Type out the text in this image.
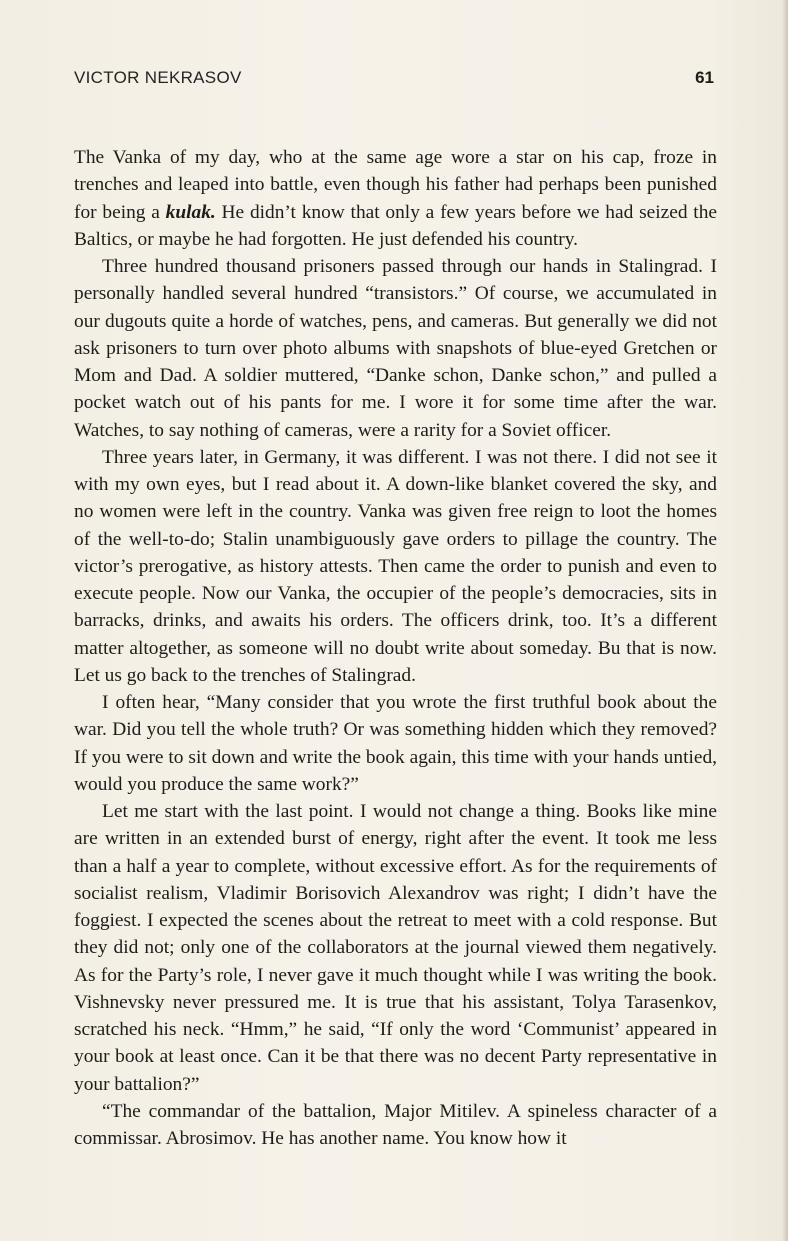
VICTOR NEKRASOV	61

The Vanka of my day, who at the same age wore a star on his cap, froze in trenches and leaped into battle, even though his father had perhaps been punished for being a kulak. He didn’t know that only a few years before we had seized the Baltics, or maybe he had forgotten. He just defended his country.

Three hundred thousand prisoners passed through our hands in Stalingrad. I personally handled several hundred “transistors.” Of course, we accumulated in our dugouts quite a horde of watches, pens, and cameras. But generally we did not ask prisoners to turn over photo albums with snapshots of blue-eyed Gretchen or Mom and Dad. A soldier muttered, “Danke schon, Danke schon,” and pulled a pocket watch out of his pants for me. I wore it for some time after the war. Watches, to say nothing of cameras, were a rarity for a Soviet officer.

Three years later, in Germany, it was different. I was not there. I did not see it with my own eyes, but I read about it. A down-like blanket covered the sky, and no women were left in the country. Vanka was given free reign to loot the homes of the well-to-do; Stalin unambiguously gave orders to pillage the country. The victor’s prerogative, as history attests. Then came the order to punish and even to execute people. Now our Vanka, the occupier of the people’s democracies, sits in barracks, drinks, and awaits his orders. The officers drink, too. It’s a different matter altogether, as someone will no doubt write about someday. Bu that is now. Let us go back to the trenches of Stalingrad.

I often hear, “Many consider that you wrote the first truthful book about the war. Did you tell the whole truth? Or was something hidden which they removed? If you were to sit down and write the book again, this time with your hands untied, would you produce the same work?”

Let me start with the last point. I would not change a thing. Books like mine are written in an extended burst of energy, right after the event. It took me less than a half a year to complete, without excessive effort. As for the requirements of socialist realism, Vladimir Borisovich Alexandrov was right; I didn’t have the foggiest. I expected the scenes about the retreat to meet with a cold response. But they did not; only one of the collaborators at the journal viewed them negatively. As for the Party’s role, I never gave it much thought while I was writing the book. Vishnevsky never pressured me. It is true that his assistant, Tolya Tarasenkov, scratched his neck. “Hmm,” he said, “If only the word ‘Communist’ appeared in your book at least once. Can it be that there was no decent Party representative in your battalion?”

“The commandar of the battalion, Major Mitilev. A spineless character of a commissar. Abrosimov. He has another name. You know how it
